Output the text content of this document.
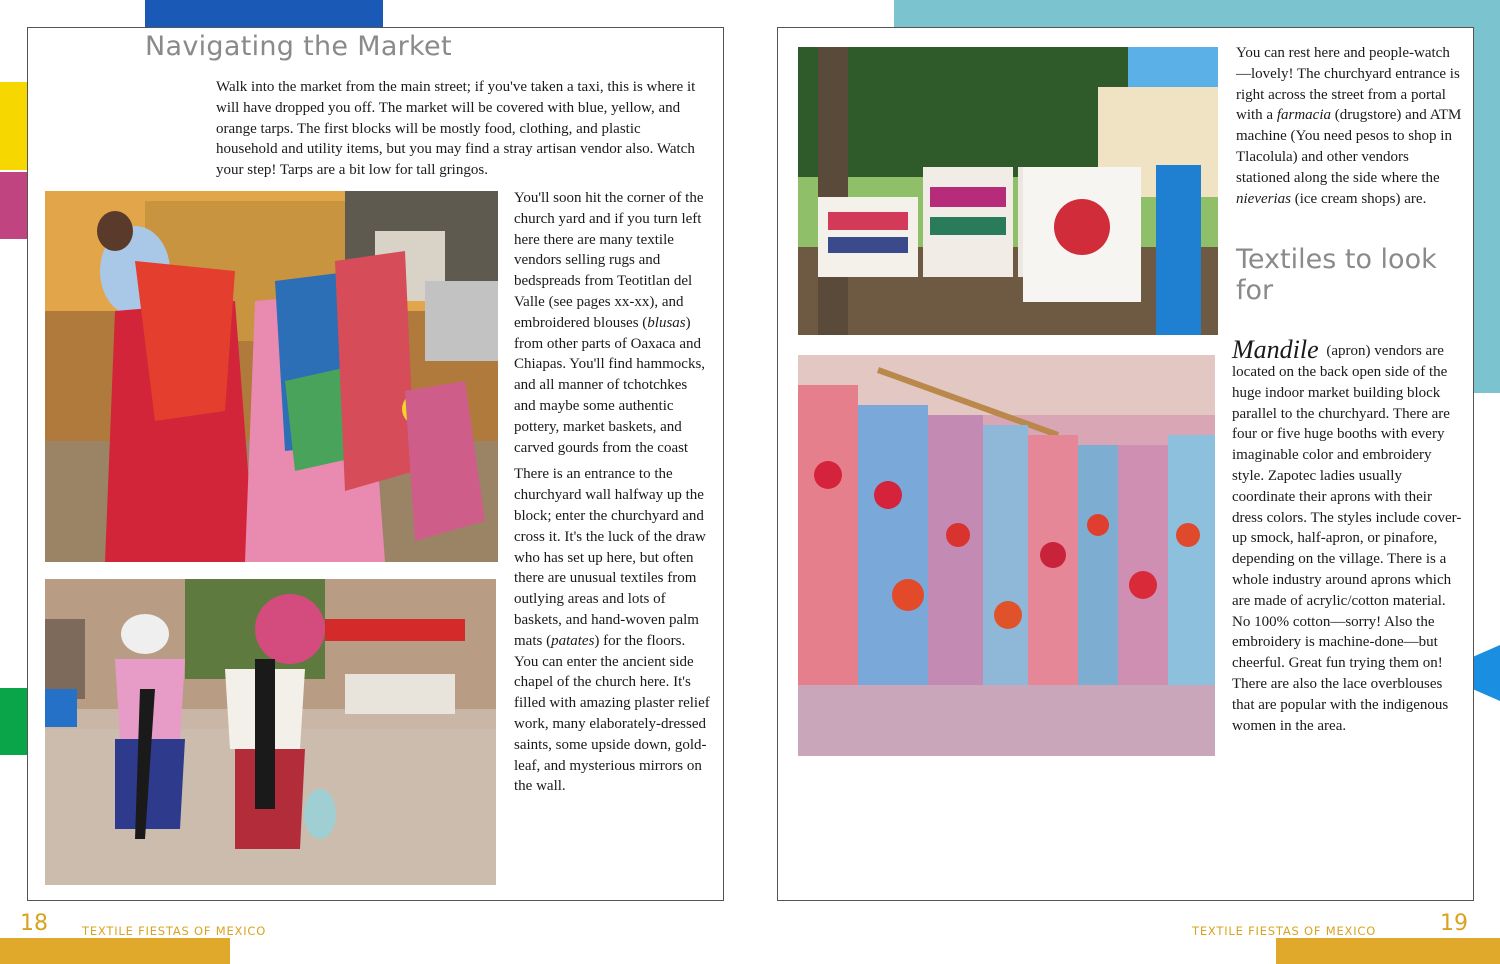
Navigating the Market

Walk into the market from the main street; if you've taken a taxi, this is where it will have dropped you off. The market will be covered with blue, yellow, and orange tarps. The first blocks will be mostly food, clothing, and plastic household and utility items, but you may find a stray artisan vendor also. Watch your step! Tarps are a bit low for tall gringos.

You'll soon hit the corner of the church yard and if you turn left here there are many textile vendors selling rugs and bedspreads from Teotitlan del Valle (see pages xx-xx), and embroidered blouses (blusas) from other parts of Oaxaca and Chiapas. You'll find hammocks, and all manner of tchotchkes and maybe some authentic pottery, market baskets, and carved gourds from the coast

There is an entrance to the churchyard wall halfway up the block; enter the churchyard and cross it. It's the luck of the draw who has set up here, but often there are unusual textiles from outlying areas and lots of baskets, and hand-woven palm mats (patates) for the floors. You can enter the ancient side chapel of the church here. It's filled with amazing plaster relief work, many elaborately-dressed saints, some upside down, gold-leaf, and mysterious mirrors on the wall.

18	TEXTILE FIESTAS OF MEXICO

You can rest here and people-watch—lovely! The churchyard entrance is right across the street from a portal with a farmacia (drugstore) and ATM machine (You need pesos to shop in Tlacolula) and other vendors stationed along the side where the nieverias (ice cream shops) are.

Textiles to look for

Mandile (apron) vendors are located on the back open side of the huge indoor market building block parallel to the churchyard. There are four or five huge booths with every imaginable color and embroidery style. Zapotec ladies usually coordinate their aprons with their dress colors. The styles include cover-up smock, half-apron, or pinafore, depending on the village. There is a whole industry around aprons which are made of acrylic/cotton material. No 100% cotton—sorry! Also the embroidery is machine-done—but cheerful. Great fun trying them on! There are also the lace overblouses that are popular with the indigenous women in the area.

TEXTILE FIESTAS OF MEXICO	19
